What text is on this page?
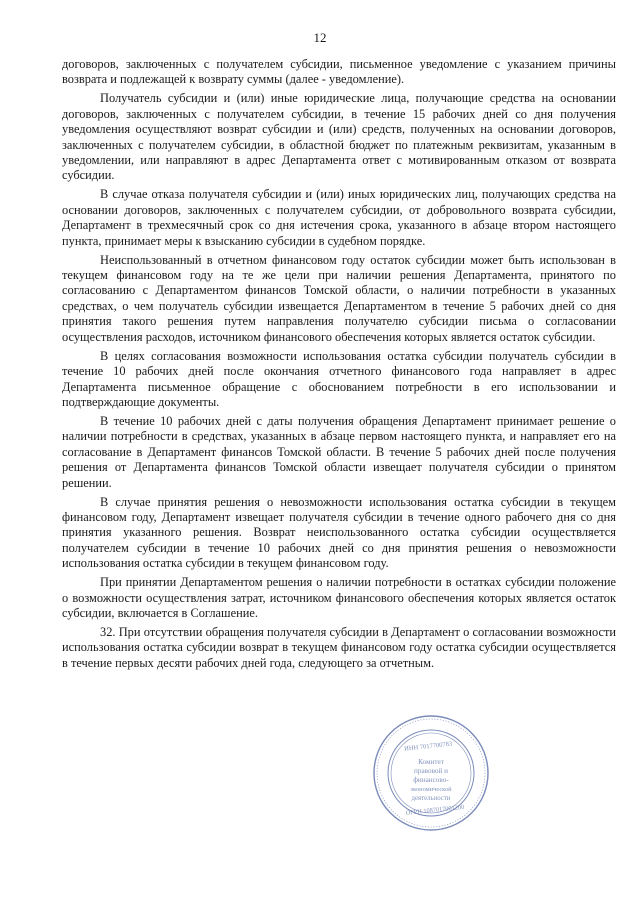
12

договоров, заключенных с получателем субсидии, письменное уведомление с указанием причины возврата и подлежащей к возврату суммы (далее - уведомление).

Получатель субсидии и (или) иные юридические лица, получающие средства на основании договоров, заключенных с получателем субсидии, в течение 15 рабочих дней со дня получения уведомления осуществляют возврат субсидии и (или) средств, полученных на основании договоров, заключенных с получателем субсидии, в областной бюджет по платежным реквизитам, указанным в уведомлении, или направляют в адрес Департамента ответ с мотивированным отказом от возврата субсидии.

В случае отказа получателя субсидии и (или) иных юридических лиц, получающих средства на основании договоров, заключенных с получателем субсидии, от добровольного возврата субсидии, Департамент в трехмесячный срок со дня истечения срока, указанного в абзаце втором настоящего пункта, принимает меры к взысканию субсидии в судебном порядке.

Неиспользованный в отчетном финансовом году остаток субсидии может быть использован в текущем финансовом году на те же цели при наличии решения Департамента, принятого по согласованию с Департаментом финансов Томской области, о наличии потребности в указанных средствах, о чем получатель субсидии извещается Департаментом в течение 5 рабочих дней со дня принятия такого решения путем направления получателю субсидии письма о согласовании осуществления расходов, источником финансового обеспечения которых является остаток субсидии.

В целях согласования возможности использования остатка субсидии получатель субсидии в течение 10 рабочих дней после окончания отчетного финансового года направляет в адрес Департамента письменное обращение с обоснованием потребности в его использовании и подтверждающие документы.

В течение 10 рабочих дней с даты получения обращения Департамент принимает решение о наличии потребности в средствах, указанных в абзаце первом настоящего пункта, и направляет его на согласование в Департамент финансов Томской области. В течение 5 рабочих дней после получения решения от Департамента финансов Томской области извещает получателя субсидии о принятом решении.

В случае принятия решения о невозможности использования остатка субсидии в текущем финансовом году, Департамент извещает получателя субсидии в течение одного рабочего дня со дня принятия указанного решения. Возврат неиспользованного остатка субсидии осуществляется получателем субсидии в течение 10 рабочих дней со дня принятия решения о невозможности использования остатка субсидии в текущем финансовом году.

При принятии Департаментом решения о наличии потребности в остатках субсидии положение о возможности осуществления затрат, источником финансового обеспечения которых является остаток субсидии, включается в Соглашение.

32. При отсутствии обращения получателя субсидии в Департамент о согласовании возможности использования остатка субсидии возврат в текущем финансовом году остатка субсидии осуществляется в течение первых десяти рабочих дней года, следующего за отчетным.

ИНН 7017700783
Комитет
правовой и
финансово-
экономической
деятельности
ОГРН 1087017001200
